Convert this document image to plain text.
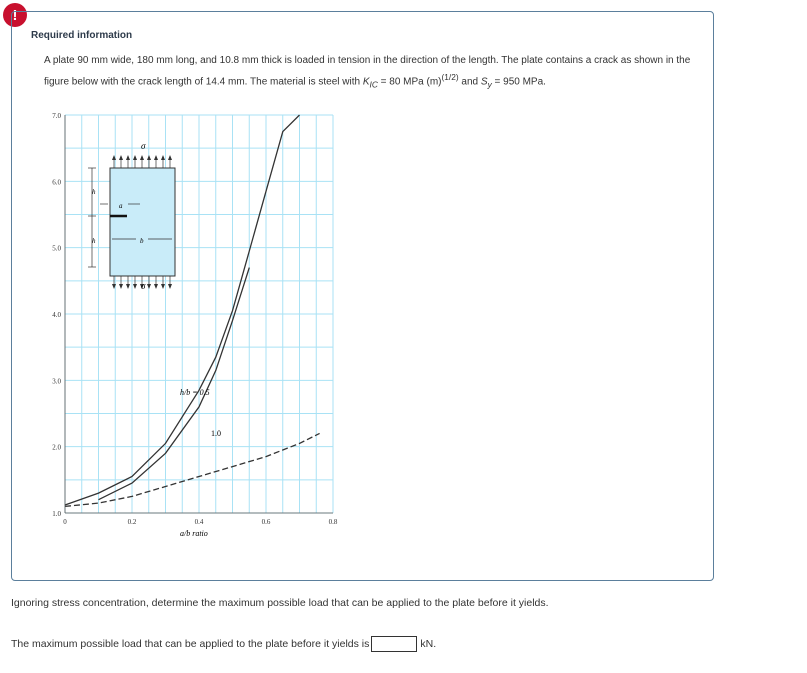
!
Required information
A plate 90 mm wide, 180 mm long, and 10.8 mm thick is loaded in tension in the direction of the length. The plate contains a crack as shown in the figure below with the crack length of 14.4 mm. The material is steel with $K_{IC} = 80$ MPa $(m)^{(1/2)}$ and $S_y = 950$ MPa.
σ
σ
h
h
a
b
0	0.2	0.4	0.6	0.8
1.0
2.0
3.0
4.0
5.0
6.0
7.0
h/b = 0.5
1.0
a/b ratio
Ignoring stress concentration, determine the maximum possible load that can be applied to the plate before it yields.
The maximum possible load that can be applied to the plate before it yields is	kN.
